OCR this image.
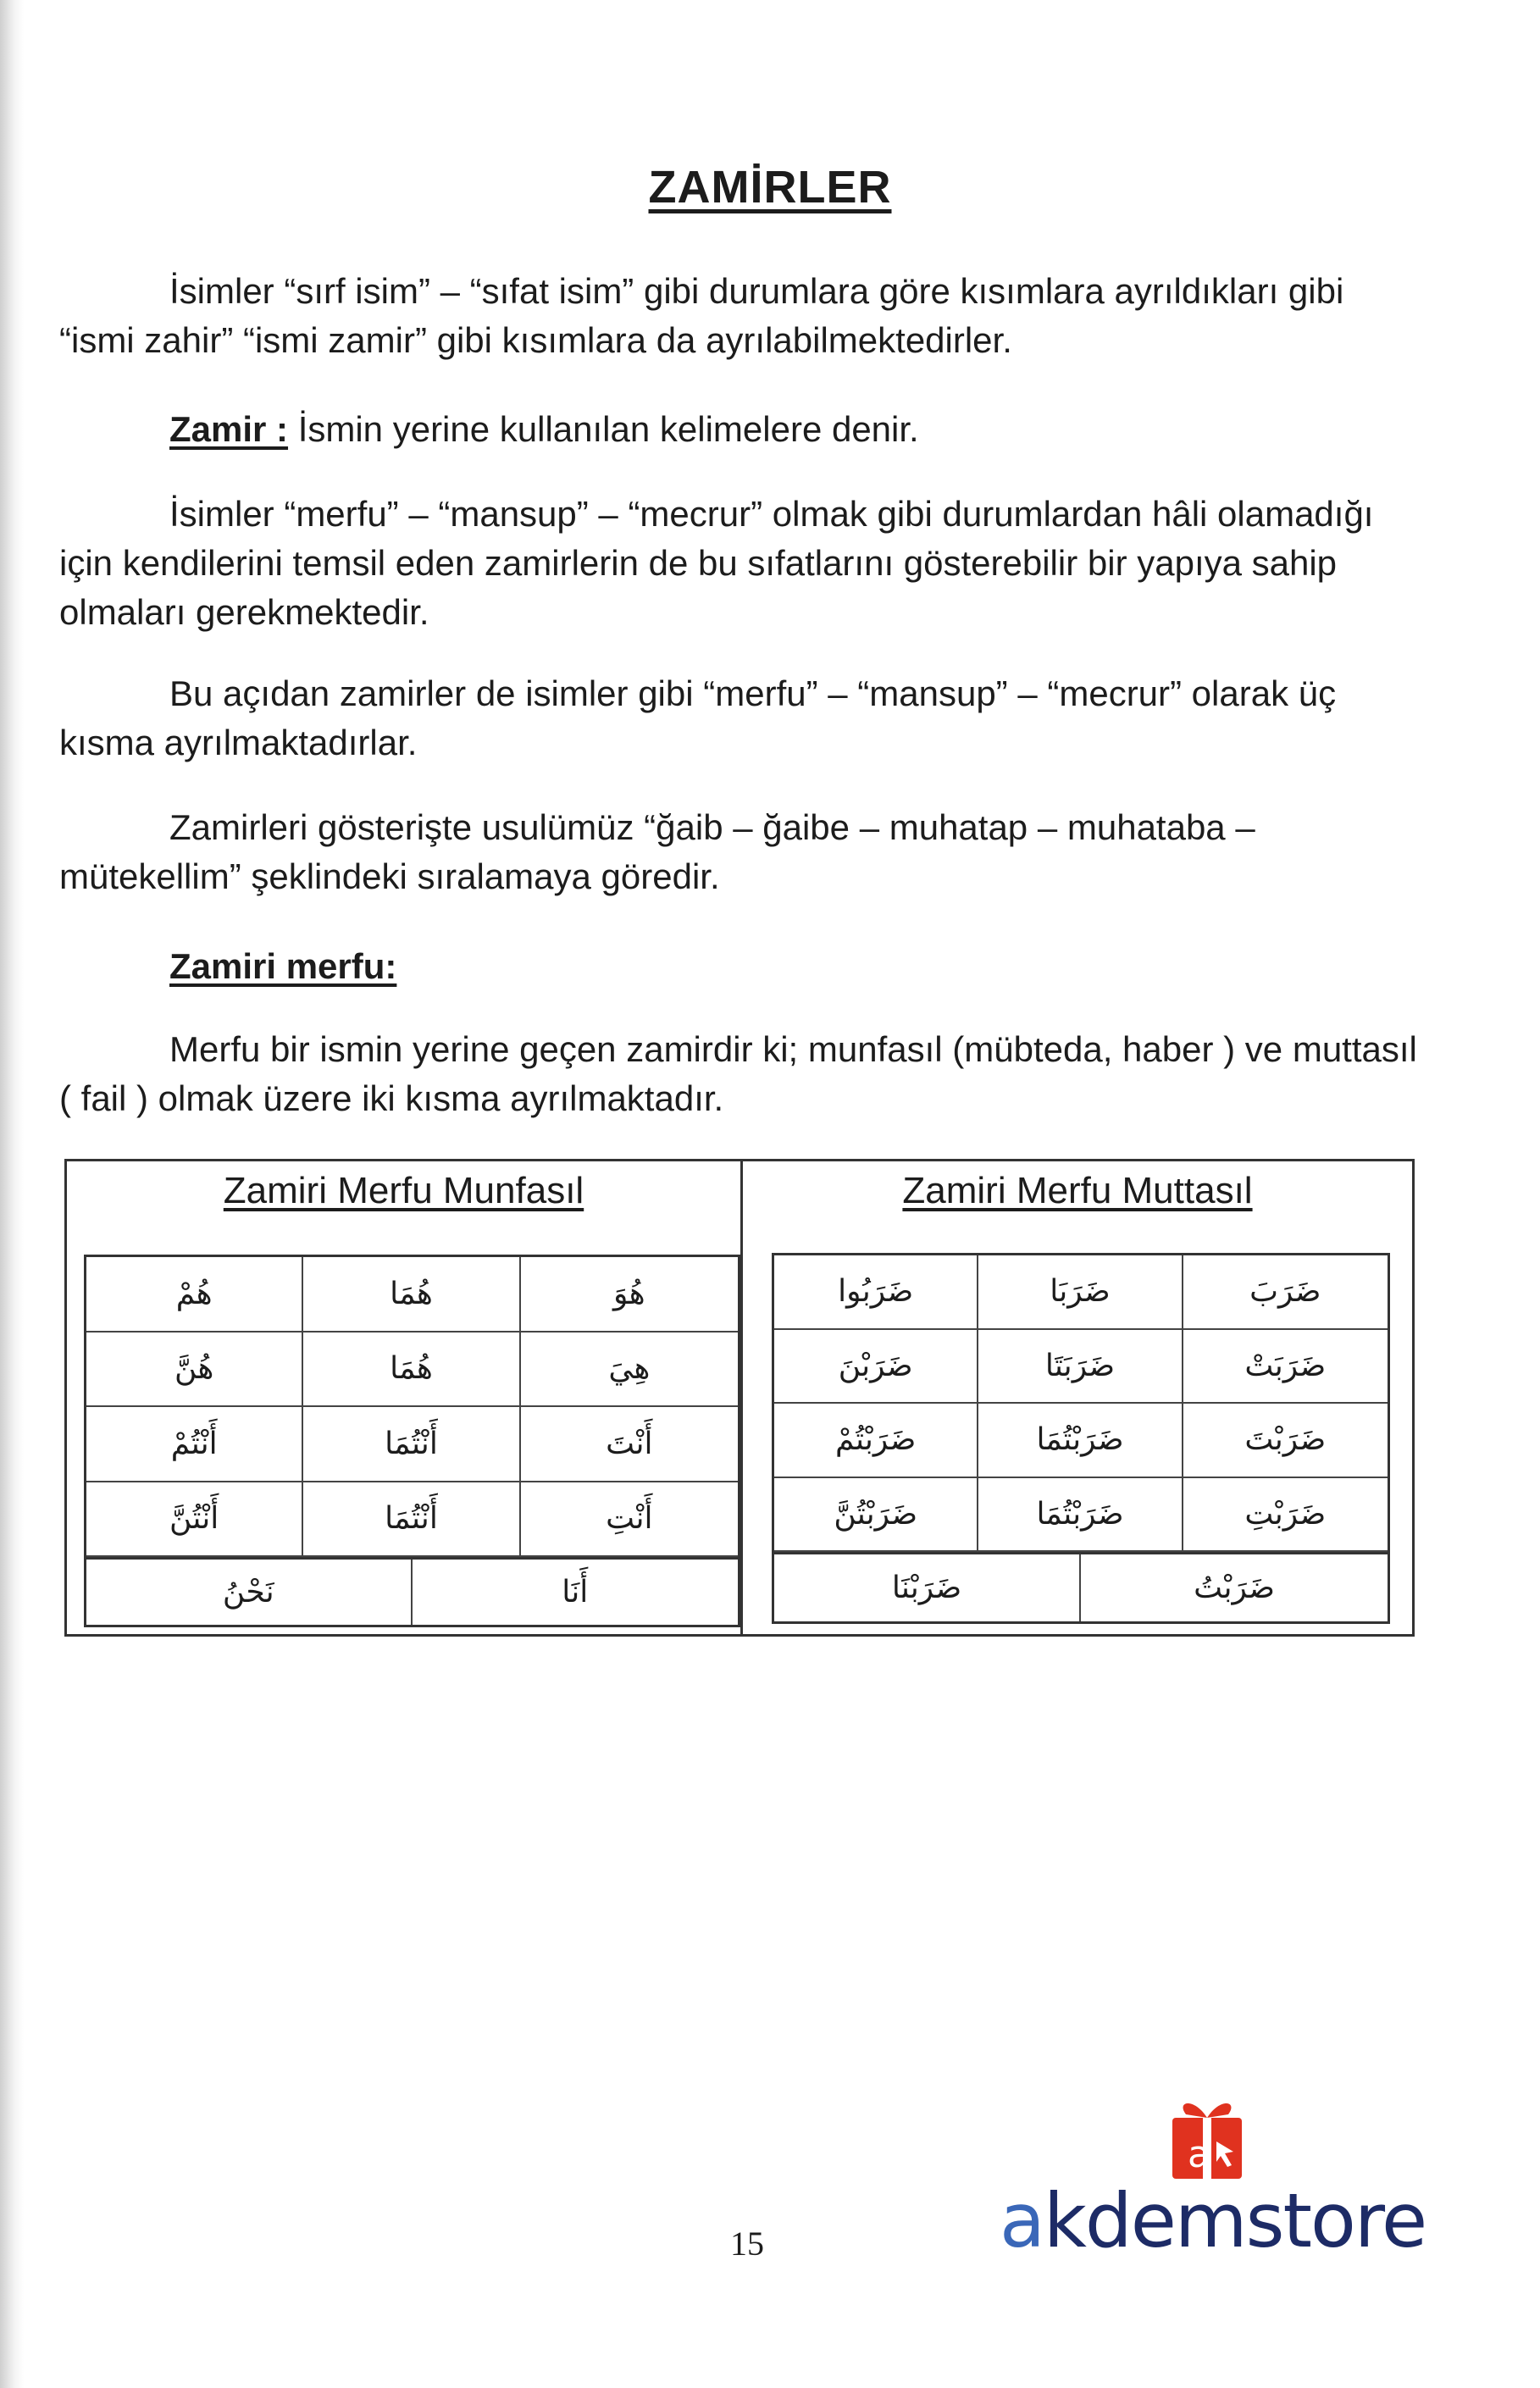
ZAMİRLER

İsimler “sırf isim” – “sıfat isim” gibi durumlara göre kısımlara ayrıldıkları gibi “ismi zahir” “ismi zamir” gibi kısımlara da ayrılabilmektedirler.

Zamir : İsmin yerine kullanılan kelimelere denir.

İsimler “merfu” – “mansup” – “mecrur” olmak gibi durumlardan hâli olamadığı için kendilerini temsil eden zamirlerin de bu sıfatlarını gösterebilir bir yapıya sahip olmaları gerekmektedir.

Bu açıdan zamirler de isimler gibi “merfu” – “mansup” – “mecrur” olarak üç kısma ayrılmaktadırlar.

Zamirleri gösterişte usulümüz “ğaib – ğaibe – muhatap – muhataba – mütekellim” şeklindeki sıralamaya göredir.

Zamiri merfu:

Merfu bir ismin yerine geçen zamirdir ki; munfasıl (mübteda, haber ) ve muttasıl ( fail ) olmak üzere iki kısma ayrılmaktadır.

Zamiri Merfu Munfasıl	Zamiri Merfu Muttasıl
هُمْ	هُمَا	هُوَ
هُنَّ	هُمَا	هِيَ
أَنْتُمْ	أَنْتُمَا	أَنْتَ
أَنْتُنَّ	أَنْتُمَا	أَنْتِ
نَحْنُ	أَنَا
ضَرَبُوا	ضَرَبَا	ضَرَبَ
ضَرَبْنَ	ضَرَبَتَا	ضَرَبَتْ
ضَرَبْتُمْ	ضَرَبْتُمَا	ضَرَبْتَ
ضَرَبْتُنَّ	ضَرَبْتُمَا	ضَرَبْتِ
ضَرَبْنَا	ضَرَبْتُ
15
a
akdemstore
